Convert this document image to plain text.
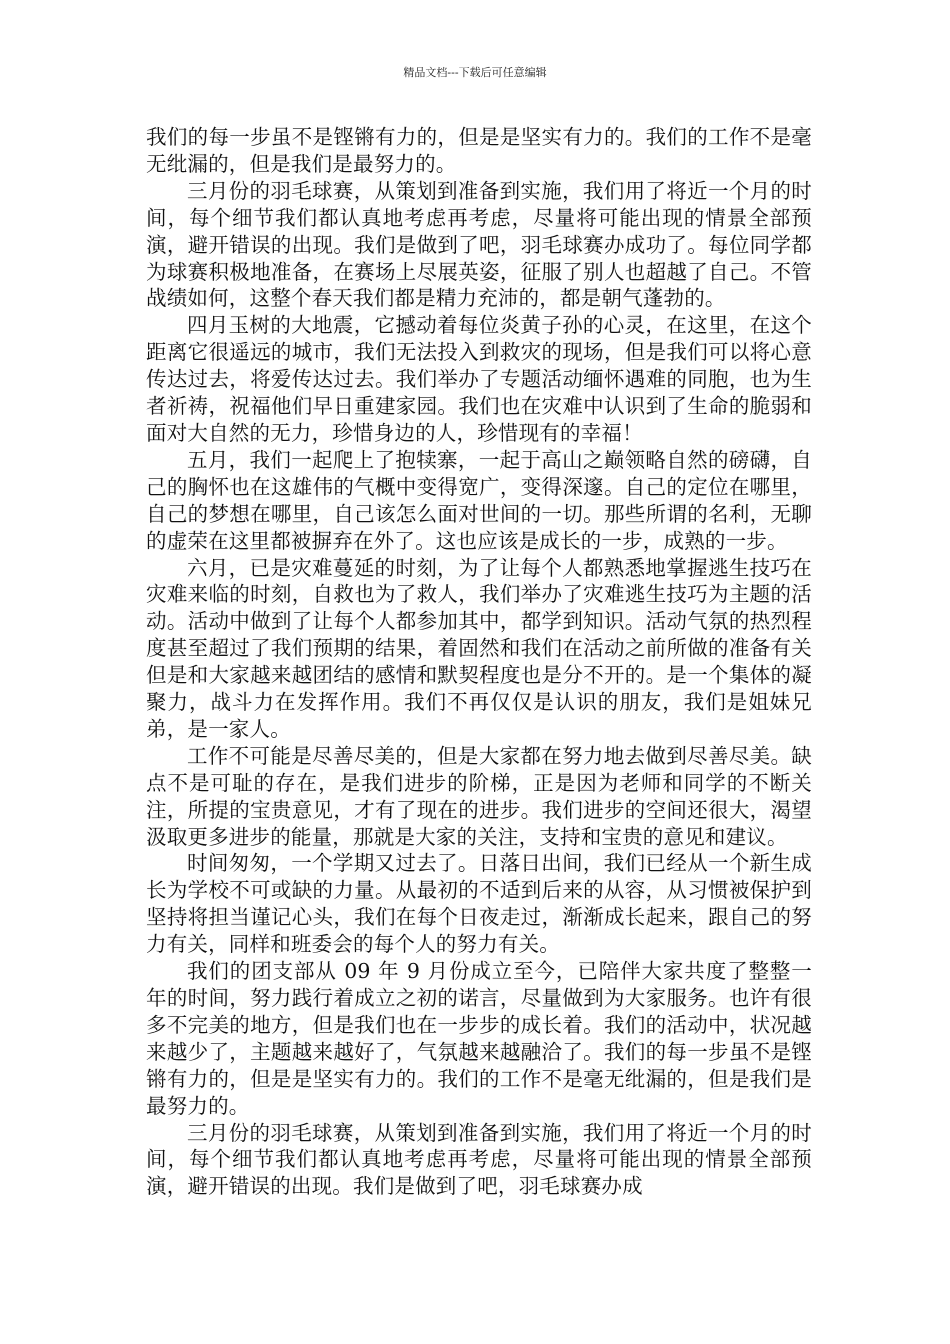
精品文档---下载后可任意编辑

我们的每一步虽不是铿锵有力的，但是是坚实有力的。我们的工作不是毫无纰漏的，但是我们是最努力的。

三月份的羽毛球赛，从策划到准备到实施，我们用了将近一个月的时间，每个细节我们都认真地考虑再考虑，尽量将可能出现的情景全部预演，避开错误的出现。我们是做到了吧，羽毛球赛办成功了。每位同学都为球赛积极地准备，在赛场上尽展英姿，征服了别人也超越了自己。不管战绩如何，这整个春天我们都是精力充沛的，都是朝气蓬勃的。

四月玉树的大地震，它撼动着每位炎黄子孙的心灵，在这里，在这个距离它很遥远的城市，我们无法投入到救灾的现场，但是我们可以将心意传达过去，将爱传达过去。我们举办了专题活动缅怀遇难的同胞，也为生者祈祷，祝福他们早日重建家园。我们也在灾难中认识到了生命的脆弱和面对大自然的无力，珍惜身边的人，珍惜现有的幸福！

五月，我们一起爬上了抱犊寨，一起于高山之巅领略自然的磅礴，自己的胸怀也在这雄伟的气概中变得宽广，变得深邃。自己的定位在哪里，自己的梦想在哪里，自己该怎么面对世间的一切。那些所谓的名利，无聊的虚荣在这里都被摒弃在外了。这也应该是成长的一步，成熟的一步。

六月，已是灾难蔓延的时刻，为了让每个人都熟悉地掌握逃生技巧在灾难来临的时刻，自救也为了救人，我们举办了灾难逃生技巧为主题的活动。活动中做到了让每个人都参加其中，都学到知识。活动气氛的热烈程度甚至超过了我们预期的结果，着固然和我们在活动之前所做的准备有关但是和大家越来越团结的感情和默契程度也是分不开的。是一个集体的凝聚力，战斗力在发挥作用。我们不再仅仅是认识的朋友，我们是姐妹兄弟，是一家人。

工作不可能是尽善尽美的，但是大家都在努力地去做到尽善尽美。缺点不是可耻的存在，是我们进步的阶梯，正是因为老师和同学的不断关注，所提的宝贵意见，才有了现在的进步。我们进步的空间还很大，渴望汲取更多进步的能量，那就是大家的关注，支持和宝贵的意见和建议。

时间匆匆，一个学期又过去了。日落日出间，我们已经从一个新生成长为学校不可或缺的力量。从最初的不适到后来的从容，从习惯被保护到坚持将担当谨记心头，我们在每个日夜走过，渐渐成长起来，跟自己的努力有关，同样和班委会的每个人的努力有关。

我们的团支部从 09 年 9 月份成立至今，已陪伴大家共度了整整一年的时间，努力践行着成立之初的诺言，尽量做到为大家服务。也许有很多不完美的地方，但是我们也在一步步的成长着。我们的活动中，状况越来越少了，主题越来越好了，气氛越来越融洽了。我们的每一步虽不是铿锵有力的，但是是坚实有力的。我们的工作不是毫无纰漏的，但是我们是最努力的。

三月份的羽毛球赛，从策划到准备到实施，我们用了将近一个月的时间，每个细节我们都认真地考虑再考虑，尽量将可能出现的情景全部预演，避开错误的出现。我们是做到了吧，羽毛球赛办成
